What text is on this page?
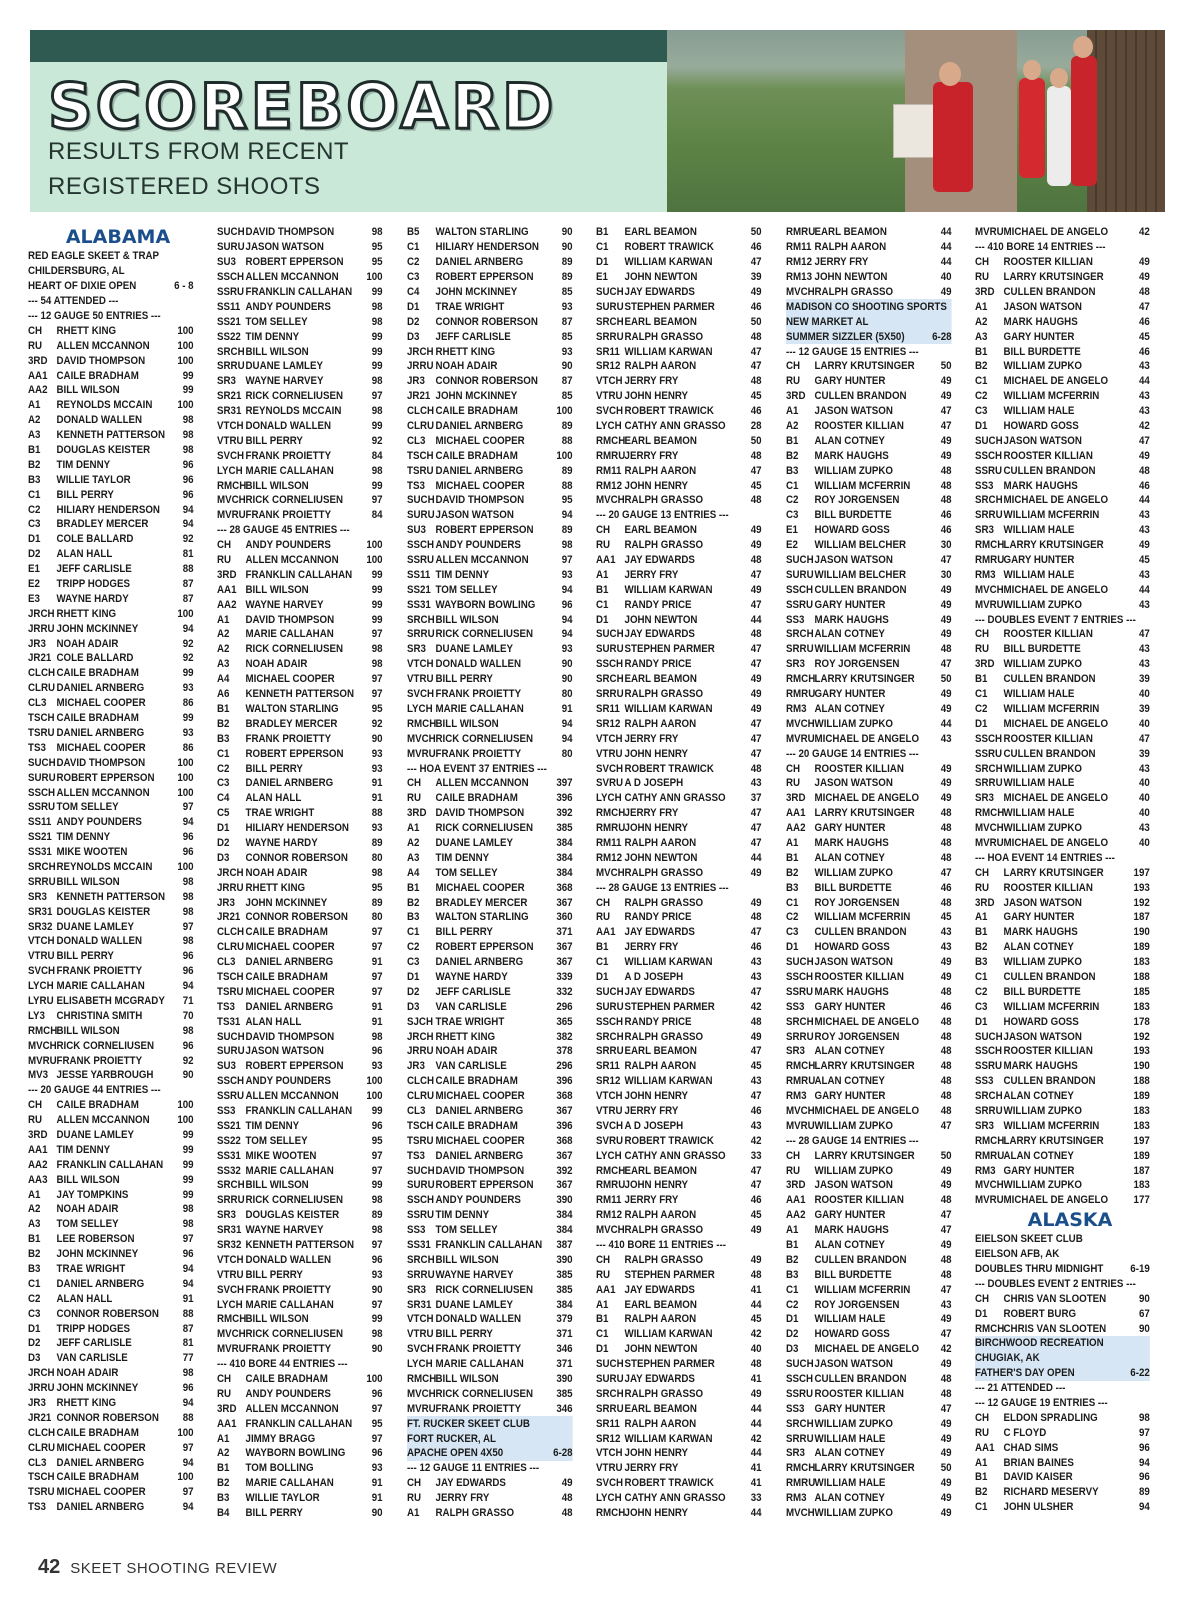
SCOREBOARD
RESULTS FROM RECENT
REGISTERED SHOOTS
ALABAMA
RED EAGLE SKEET & TRAP
CHILDERSBURG, AL
HEART OF DIXIE OPEN	6 - 8
--- 54 ATTENDED ---
--- 12 GAUGE 50 ENTRIES ---
CH	RHETT KING	100
RU	ALLEN MCCANNON	100
3RD DAVID THOMPSON	100
AA1 CAILE BRADHAM	99
AA2 BILL WILSON	99
A1	REYNOLDS MCCAIN	100
A2	DONALD WALLEN	98
A3	KENNETH PATTERSON	98
B1	DOUGLAS KEISTER	98
B2	TIM DENNY	96
B3	WILLIE TAYLOR	96
C1	BILL PERRY	96
C2	HILIARY HENDERSON	94
C3	BRADLEY MERCER	94
D1	COLE BALLARD	92
D2	ALAN HALL	81
E1	JEFF CARLISLE	88
E2	TRIPP HODGES	87
E3	WAYNE HARDY	87
JRCH RHETT KING	100
JRRU JOHN MCKINNEY	94
JR3	NOAH ADAIR	92
JR21 COLE BALLARD	92
CLCH CAILE BRADHAM	99
CLRU DANIEL ARNBERG	93
CL3 MICHAEL COOPER	86
TSCH CAILE BRADHAM	99
TSRU DANIEL ARNBERG	93
TS3	MICHAEL COOPER	86
SUCH DAVID THOMPSON	100
SURU ROBERT EPPERSON	100
SSCH ALLEN MCCANNON	100
SSRU TOM SELLEY	97
SS11 ANDY POUNDERS	94
SS21 TIM DENNY	96
SS31 MIKE WOOTEN	96
SRCH REYNOLDS MCCAIN	100
SRRU BILL WILSON	98
SR3 KENNETH PATTERSON	98
SR31 DOUGLAS KEISTER	98
SR32 DUANE LAMLEY	97
VTCH DONALD WALLEN	98
VTRU BILL PERRY	96
SVCH FRANK PROIETTY	96
LYCH MARIE CALLAHAN	94
LYRU ELISABETH MCGRADY	71
LY3	CHRISTINA SMITH	70
RMCH BILL WILSON	98
MVCH RICK CORNELIUSEN	96
MVRU FRANK PROIETTY	92
MV3 JESSE YARBROUGH	90
--- 20 GAUGE 44 ENTRIES ---
CH	CAILE BRADHAM	100
RU	ALLEN MCCANNON	100
3RD DUANE LAMLEY	99
AA1 TIM DENNY	99
AA2 FRANKLIN CALLAHAN	99
AA3 BILL WILSON	99
A1	JAY TOMPKINS	99
A2	NOAH ADAIR	98
A3	TOM SELLEY	98
B1	LEE ROBERSON	97
B2	JOHN MCKINNEY	96
B3	TRAE WRIGHT	94
C1	DANIEL ARNBERG	94
C2	ALAN HALL	91
C3	CONNOR ROBERSON	88
D1	TRIPP HODGES	87
D2	JEFF CARLISLE	81
D3	VAN CARLISLE	77
JRCH NOAH ADAIR	98
JRRU JOHN MCKINNEY	96
JR3	RHETT KING	94
JR21 CONNOR ROBERSON	88
CLCH CAILE BRADHAM	100
CLRU MICHAEL COOPER	97
CL3 DANIEL ARNBERG	94
TSCH CAILE BRADHAM	100
TSRU MICHAEL COOPER	97
TS3	DANIEL ARNBERG	94
SUCH DAVID THOMPSON	98
SURU JASON WATSON	95
SU3 ROBERT EPPERSON	95
SSCH ALLEN MCCANNON	100
SSRU FRANKLIN CALLAHAN	99
SS11 ANDY POUNDERS	98
SS21 TOM SELLEY	98
SS22 TIM DENNY	99
SRCH BILL WILSON	99
SRRU DUANE LAMLEY	99
SR3 WAYNE HARVEY	98
SR21 RICK CORNELIUSEN	97
SR31 REYNOLDS MCCAIN	98
VTCH DONALD WALLEN	99
VTRU BILL PERRY	92
SVCH FRANK PROIETTY	84
LYCH MARIE CALLAHAN	98
RMCH BILL WILSON	99
MVCH RICK CORNELIUSEN	97
MVRU FRANK PROIETTY	84
--- 28 GAUGE 45 ENTRIES ---
CH	ANDY POUNDERS	100
RU	ALLEN MCCANNON	100
3RD FRANKLIN CALLAHAN	99
AA1 BILL WILSON	99
AA2 WAYNE HARVEY	99
A1	DAVID THOMPSON	99
A2	MARIE CALLAHAN	97
A2	RICK CORNELIUSEN	98
A3	NOAH ADAIR	98
A4	MICHAEL COOPER	97
A6	KENNETH PATTERSON	97
B1	WALTON STARLING	95
B2	BRADLEY MERCER	92
B3	FRANK PROIETTY	90
C1	ROBERT EPPERSON	93
C2	BILL PERRY	93
C3	DANIEL ARNBERG	91
C4	ALAN HALL	91
C5	TRAE WRIGHT	88
D1	HILIARY HENDERSON	93
D2	WAYNE HARDY	89
D3	CONNOR ROBERSON	80
JRCH NOAH ADAIR	98
JRRU RHETT KING	95
JR3	JOHN MCKINNEY	89
JR21 CONNOR ROBERSON	80
CLCH CAILE BRADHAM	97
CLRU MICHAEL COOPER	97
CL3 DANIEL ARNBERG	91
TSCH CAILE BRADHAM	97
TSRU MICHAEL COOPER	97
TS3	DANIEL ARNBERG	91
TS31 ALAN HALL	91
SUCH DAVID THOMPSON	98
SURU JASON WATSON	96
SU3 ROBERT EPPERSON	93
SSCH ANDY POUNDERS	100
SSRU ALLEN MCCANNON	100
SS3 FRANKLIN CALLAHAN	99
SS21 TIM DENNY	96
SS22 TOM SELLEY	95
SS31 MIKE WOOTEN	97
SS32 MARIE CALLAHAN	97
SRCH BILL WILSON	99
SRRU RICK CORNELIUSEN	98
SR3 DOUGLAS KEISTER	89
SR31 WAYNE HARVEY	98
SR32 KENNETH PATTERSON	97
VTCH DONALD WALLEN	96
VTRU BILL PERRY	93
SVCH FRANK PROIETTY	90
LYCH MARIE CALLAHAN	97
RMCH BILL WILSON	99
MVCH RICK CORNELIUSEN	98
MVRU FRANK PROIETTY	90
--- 410 BORE 44 ENTRIES ---
CH	CAILE BRADHAM	100
RU	ANDY POUNDERS	96
3RD ALLEN MCCANNON	97
AA1 FRANKLIN CALLAHAN	95
A1	JIMMY BRAGG	97
A2	WAYBORN BOWLING	96
B1	TOM BOLLING	93
B2	MARIE CALLAHAN	91
B3	WILLIE TAYLOR	91
B4	BILL PERRY	90
B5	WALTON STARLING	90
C1	HILIARY HENDERSON	90
C2	DANIEL ARNBERG	89
C3	ROBERT EPPERSON	89
C4	JOHN MCKINNEY	85
D1	TRAE WRIGHT	93
D2	CONNOR ROBERSON	87
D3	JEFF CARLISLE	85
JRCH RHETT KING	93
JRRU NOAH ADAIR	90
JR3	CONNOR ROBERSON	87
JR21 JOHN MCKINNEY	85
CLCH CAILE BRADHAM	100
CLRU DANIEL ARNBERG	89
CL3 MICHAEL COOPER	88
TSCH CAILE BRADHAM	100
TSRU DANIEL ARNBERG	89
TS3	MICHAEL COOPER	88
SUCH DAVID THOMPSON	95
SURU JASON WATSON	94
SU3 ROBERT EPPERSON	89
SSCH ANDY POUNDERS	98
SSRU ALLEN MCCANNON	97
SS11 TIM DENNY	93
SS21 TOM SELLEY	94
SS31 WAYBORN BOWLING	96
SRCH BILL WILSON	94
SRRU RICK CORNELIUSEN	94
SR3 DUANE LAMLEY	93
VTCH DONALD WALLEN	90
VTRU BILL PERRY	90
SVCH FRANK PROIETTY	80
LYCH MARIE CALLAHAN	91
RMCH BILL WILSON	94
MVCH RICK CORNELIUSEN	94
MVRU FRANK PROIETTY	80
--- HOA EVENT 37 ENTRIES ---
CH	ALLEN MCCANNON	397
RU	CAILE BRADHAM	396
3RD DAVID THOMPSON	392
A1	RICK CORNELIUSEN	385
A2	DUANE LAMLEY	384
A3	TIM DENNY	384
A4	TOM SELLEY	384
B1	MICHAEL COOPER	368
B2	BRADLEY MERCER	367
B3	WALTON STARLING	360
C1	BILL PERRY	371
C2	ROBERT EPPERSON	367
C3	DANIEL ARNBERG	367
D1	WAYNE HARDY	339
D2	JEFF CARLISLE	332
D3	VAN CARLISLE	296
SJCH TRAE WRIGHT	365
JRCH RHETT KING	382
JRRU NOAH ADAIR	378
JR3	VAN CARLISLE	296
CLCH CAILE BRADHAM	396
CLRU MICHAEL COOPER	368
CL3 DANIEL ARNBERG	367
TSCH CAILE BRADHAM	396
TSRU MICHAEL COOPER	368
TS3	DANIEL ARNBERG	367
SUCH DAVID THOMPSON	392
SURU ROBERT EPPERSON	367
SSCH ANDY POUNDERS	390
SSRU TIM DENNY	384
SS3 TOM SELLEY	384
SS31 FRANKLIN CALLAHAN	387
SRCH BILL WILSON	390
SRRU WAYNE HARVEY	385
SR3 RICK CORNELIUSEN	385
SR31 DUANE LAMLEY	384
VTCH DONALD WALLEN	379
VTRU BILL PERRY	371
SVCH FRANK PROIETTY	346
LYCH MARIE CALLAHAN	371
RMCH BILL WILSON	390
MVCH RICK CORNELIUSEN	385
MVRU FRANK PROIETTY	346
FT. RUCKER SKEET CLUB
FORT RUCKER, AL
APACHE OPEN 4X50	6-28
--- 12 GAUGE 11 ENTRIES ---
CH	JAY EDWARDS	49
RU	JERRY FRY	48
A1	RALPH GRASSO	48
B1	EARL BEAMON	50
C1	ROBERT TRAWICK	46
D1	WILLIAM KARWAN	47
E1	JOHN NEWTON	39
SUCH JAY EDWARDS	49
SURU STEPHEN PARMER	46
SRCH EARL BEAMON	50
SRRU RALPH GRASSO	48
SR11 WILLIAM KARWAN	47
SR12 RALPH AARON	47
VTCH JERRY FRY	48
VTRU JOHN HENRY	45
SVCH ROBERT TRAWICK	46
LYCH CATHY ANN GRASSO	28
RMCH EARL BEAMON	50
RMRU JERRY FRY	48
RM11 RALPH AARON	47
RM12 JOHN HENRY	45
MVCH RALPH GRASSO	48
--- 20 GAUGE 13 ENTRIES ---
CH	EARL BEAMON	49
RU	RALPH GRASSO	49
AA1 JAY EDWARDS	48
A1	JERRY FRY	47
B1	WILLIAM KARWAN	49
C1	RANDY PRICE	47
D1	JOHN NEWTON	44
SUCH JAY EDWARDS	48
SURU STEPHEN PARMER	47
SSCH RANDY PRICE	47
SRCH EARL BEAMON	49
SRRU RALPH GRASSO	49
SR11 WILLIAM KARWAN	49
SR12 RALPH AARON	47
VTCH JERRY FRY	47
VTRU JOHN HENRY	47
SVCH ROBERT TRAWICK	48
SVRU A D JOSEPH	43
LYCH CATHY ANN GRASSO	37
RMCH JERRY FRY	47
RMRU JOHN HENRY	47
RM11 RALPH AARON	47
RM12 JOHN NEWTON	44
MVCH RALPH GRASSO	49
--- 28 GAUGE 13 ENTRIES ---
CH	RALPH GRASSO	49
RU	RANDY PRICE	48
AA1 JAY EDWARDS	47
B1	JERRY FRY	46
C1	WILLIAM KARWAN	43
D1	A D JOSEPH	43
SUCH JAY EDWARDS	47
SURU STEPHEN PARMER	42
SSCH RANDY PRICE	48
SRCH RALPH GRASSO	49
SRRU EARL BEAMON	47
SR11 RALPH AARON	45
SR12 WILLIAM KARWAN	43
VTCH JOHN HENRY	47
VTRU JERRY FRY	46
SVCH A D JOSEPH	43
SVRU ROBERT TRAWICK	42
LYCH CATHY ANN GRASSO	33
RMCH EARL BEAMON	47
RMRU JOHN HENRY	47
RM11 JERRY FRY	46
RM12 RALPH AARON	45
MVCH RALPH GRASSO	49
--- 410 BORE 11 ENTRIES ---
CH	RALPH GRASSO	49
RU	STEPHEN PARMER	48
AA1 JAY EDWARDS	41
A1	EARL BEAMON	44
B1	RALPH AARON	45
C1	WILLIAM KARWAN	42
D1	JOHN NEWTON	40
SUCH STEPHEN PARMER	48
SURU JAY EDWARDS	41
SRCH RALPH GRASSO	49
SRRU EARL BEAMON	44
SR11 RALPH AARON	44
SR12 WILLIAM KARWAN	42
VTCH JOHN HENRY	44
VTRU JERRY FRY	41
SVCH ROBERT TRAWICK	41
LYCH CATHY ANN GRASSO	33
RMCH JOHN HENRY	44
RMRU EARL BEAMON	44
RM11 RALPH AARON	44
RM12 JERRY FRY	44
RM13 JOHN NEWTON	40
MVCH RALPH GRASSO	49
MADISON CO SHOOTING SPORTS
NEW MARKET AL
SUMMER SIZZLER (5X50)	6-28
--- 12 GAUGE 15 ENTRIES ---
CH	LARRY KRUTSINGER	50
RU	GARY HUNTER	49
3RD CULLEN BRANDON	49
A1	JASON WATSON	47
A2	ROOSTER KILLIAN	47
B1	ALAN COTNEY	49
B2	MARK HAUGHS	49
B3	WILLIAM ZUPKO	48
C1	WILLIAM MCFERRIN	48
C2	ROY JORGENSEN	48
C3	BILL BURDETTE	46
E1	HOWARD GOSS	46
E2	WILLIAM BELCHER	30
SUCH JASON WATSON	47
SURU WILLIAM BELCHER	30
SSCH CULLEN BRANDON	49
SSRU GARY HUNTER	49
SS3 MARK HAUGHS	49
SRCH ALAN COTNEY	49
SRRU WILLIAM MCFERRIN	48
SR3 ROY JORGENSEN	47
RMCH LARRY KRUTSINGER	50
RMRU GARY HUNTER	49
RM3 ALAN COTNEY	49
MVCH WILLIAM ZUPKO	44
MVRU MICHAEL DE ANGELO	43
--- 20 GAUGE 14 ENTRIES ---
CH	ROOSTER KILLIAN	49
RU	JASON WATSON	49
3RD MICHAEL DE ANGELO	49
AA1 LARRY KRUTSINGER	48
AA2 GARY HUNTER	48
A1	MARK HAUGHS	48
B1	ALAN COTNEY	48
B2	WILLIAM ZUPKO	47
B3	BILL BURDETTE	46
C1	ROY JORGENSEN	48
C2	WILLIAM MCFERRIN	45
C3	CULLEN BRANDON	43
D1	HOWARD GOSS	43
SUCH JASON WATSON	49
SSCH ROOSTER KILLIAN	49
SSRU MARK HAUGHS	48
SS3 GARY HUNTER	46
SRCH MICHAEL DE ANGELO	48
SRRU ROY JORGENSEN	48
SR3 ALAN COTNEY	48
RMCH LARRY KRUTSINGER	48
RMRU ALAN COTNEY	48
RM3 GARY HUNTER	48
MVCH MICHAEL DE ANGELO	48
MVRU WILLIAM ZUPKO	47
--- 28 GAUGE 14 ENTRIES ---
CH	LARRY KRUTSINGER	50
RU	WILLIAM ZUPKO	49
3RD JASON WATSON	49
AA1 ROOSTER KILLIAN	48
AA2 GARY HUNTER	47
A1	MARK HAUGHS	47
B1	ALAN COTNEY	49
B2	CULLEN BRANDON	48
B3	BILL BURDETTE	48
C1	WILLIAM MCFERRIN	47
C2	ROY JORGENSEN	43
D1	WILLIAM HALE	49
D2	HOWARD GOSS	47
D3	MICHAEL DE ANGELO	42
SUCH JASON WATSON	49
SSCH CULLEN BRANDON	48
SSRU ROOSTER KILLIAN	48
SS3 GARY HUNTER	47
SRCH WILLIAM ZUPKO	49
SRRU WILLIAM HALE	49
SR3 ALAN COTNEY	49
RMCH LARRY KRUTSINGER	50
RMRU WILLIAM HALE	49
RM3 ALAN COTNEY	49
MVCH WILLIAM ZUPKO	49
MVRU MICHAEL DE ANGELO	42
--- 410 BORE 14 ENTRIES ---
CH	ROOSTER KILLIAN	49
RU	LARRY KRUTSINGER	49
3RD CULLEN BRANDON	48
A1	JASON WATSON	47
A2	MARK HAUGHS	46
A3	GARY HUNTER	45
B1	BILL BURDETTE	46
B2	WILLIAM ZUPKO	43
C1	MICHAEL DE ANGELO	44
C2	WILLIAM MCFERRIN	43
C3	WILLIAM HALE	43
D1	HOWARD GOSS	42
SUCH JASON WATSON	47
SSCH ROOSTER KILLIAN	49
SSRU CULLEN BRANDON	48
SS3 MARK HAUGHS	46
SRCH MICHAEL DE ANGELO	44
SRRU WILLIAM MCFERRIN	43
SR3 WILLIAM HALE	43
RMCH LARRY KRUTSINGER	49
RMRU GARY HUNTER	45
RM3 WILLIAM HALE	43
MVCH MICHAEL DE ANGELO	44
MVRU WILLIAM ZUPKO	43
--- DOUBLES EVENT 7 ENTRIES ---
CH	ROOSTER KILLIAN	47
RU	BILL BURDETTE	43
3RD WILLIAM ZUPKO	43
B1	CULLEN BRANDON	39
C1	WILLIAM HALE	40
C2	WILLIAM MCFERRIN	39
D1	MICHAEL DE ANGELO	40
SSCH ROOSTER KILLIAN	47
SSRU CULLEN BRANDON	39
SRCH WILLIAM ZUPKO	43
SRRU WILLIAM HALE	40
SR3 MICHAEL DE ANGELO	40
RMCH WILLIAM HALE	40
MVCH WILLIAM ZUPKO	43
MVRU MICHAEL DE ANGELO	40
--- HOA EVENT 14 ENTRIES ---
CH	LARRY KRUTSINGER	197
RU	ROOSTER KILLIAN	193
3RD JASON WATSON	192
A1	GARY HUNTER	187
B1	MARK HAUGHS	190
B2	ALAN COTNEY	189
B3	WILLIAM ZUPKO	183
C1	CULLEN BRANDON	188
C2	BILL BURDETTE	185
C3	WILLIAM MCFERRIN	183
D1	HOWARD GOSS	178
SUCH JASON WATSON	192
SSCH ROOSTER KILLIAN	193
SSRU MARK HAUGHS	190
SS3 CULLEN BRANDON	188
SRCH ALAN COTNEY	189
SRRU WILLIAM ZUPKO	183
SR3 WILLIAM MCFERRIN	183
RMCH LARRY KRUTSINGER	197
RMRU ALAN COTNEY	189
RM3 GARY HUNTER	187
MVCH WILLIAM ZUPKO	183
MVRU MICHAEL DE ANGELO	177
ALASKA
EIELSON SKEET CLUB
EIELSON AFB, AK
DOUBLES THRU MIDNIGHT	6-19
--- DOUBLES EVENT 2 ENTRIES ---
CH	CHRIS VAN SLOOTEN	90
D1	ROBERT BURG	67
RMCH CHRIS VAN SLOOTEN	90
BIRCHWOOD RECREATION
CHUGIAK, AK
FATHER'S DAY OPEN	6-22
--- 21 ATTENDED ---
--- 12 GAUGE 19 ENTRIES ---
CH	ELDON SPRADLING	98
RU	C FLOYD	97
AA1 CHAD SIMS	96
A1	BRIAN BAINES	94
B1	DAVID KAISER	96
B2	RICHARD MESERVY	89
C1	JOHN ULSHER	94
42 SKEET SHOOTING REVIEW
